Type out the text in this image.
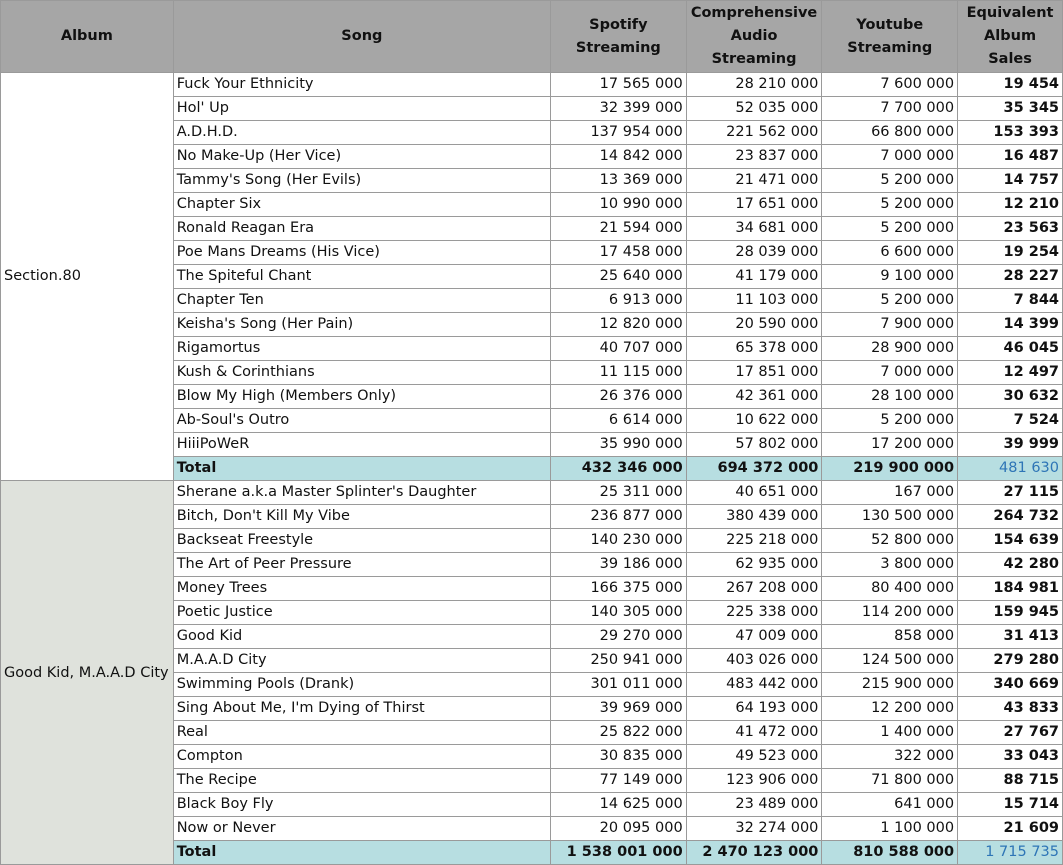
Album	Song	Spotify Streaming	Comprehensive Audio Streaming	Youtube Streaming	Equivalent Album Sales
Section.80	Fuck Your Ethnicity	17 565 000	28 210 000	7 600 000	19 454
	Hol' Up	32 399 000	52 035 000	7 700 000	35 345
	A.D.H.D.	137 954 000	221 562 000	66 800 000	153 393
	No Make-Up (Her Vice)	14 842 000	23 837 000	7 000 000	16 487
	Tammy's Song (Her Evils)	13 369 000	21 471 000	5 200 000	14 757
	Chapter Six	10 990 000	17 651 000	5 200 000	12 210
	Ronald Reagan Era	21 594 000	34 681 000	5 200 000	23 563
	Poe Mans Dreams (His Vice)	17 458 000	28 039 000	6 600 000	19 254
	The Spiteful Chant	25 640 000	41 179 000	9 100 000	28 227
	Chapter Ten	6 913 000	11 103 000	5 200 000	7 844
	Keisha's Song (Her Pain)	12 820 000	20 590 000	7 900 000	14 399
	Rigamortus	40 707 000	65 378 000	28 900 000	46 045
	Kush & Corinthians	11 115 000	17 851 000	7 000 000	12 497
	Blow My High (Members Only)	26 376 000	42 361 000	28 100 000	30 632
	Ab-Soul's Outro	6 614 000	10 622 000	5 200 000	7 524
	HiiiPoWeR	35 990 000	57 802 000	17 200 000	39 999
	Total	432 346 000	694 372 000	219 900 000	481 630
Good Kid, M.A.A.D City	Sherane a.k.a Master Splinter's Daughter	25 311 000	40 651 000	167 000	27 115
	Bitch, Don't Kill My Vibe	236 877 000	380 439 000	130 500 000	264 732
	Backseat Freestyle	140 230 000	225 218 000	52 800 000	154 639
	The Art of Peer Pressure	39 186 000	62 935 000	3 800 000	42 280
	Money Trees	166 375 000	267 208 000	80 400 000	184 981
	Poetic Justice	140 305 000	225 338 000	114 200 000	159 945
	Good Kid	29 270 000	47 009 000	858 000	31 413
	M.A.A.D City	250 941 000	403 026 000	124 500 000	279 280
	Swimming Pools (Drank)	301 011 000	483 442 000	215 900 000	340 669
	Sing About Me, I'm Dying of Thirst	39 969 000	64 193 000	12 200 000	43 833
	Real	25 822 000	41 472 000	1 400 000	27 767
	Compton	30 835 000	49 523 000	322 000	33 043
	The Recipe	77 149 000	123 906 000	71 800 000	88 715
	Black Boy Fly	14 625 000	23 489 000	641 000	15 714
	Now or Never	20 095 000	32 274 000	1 100 000	21 609
	Total	1 538 001 000	2 470 123 000	810 588 000	1 715 735
